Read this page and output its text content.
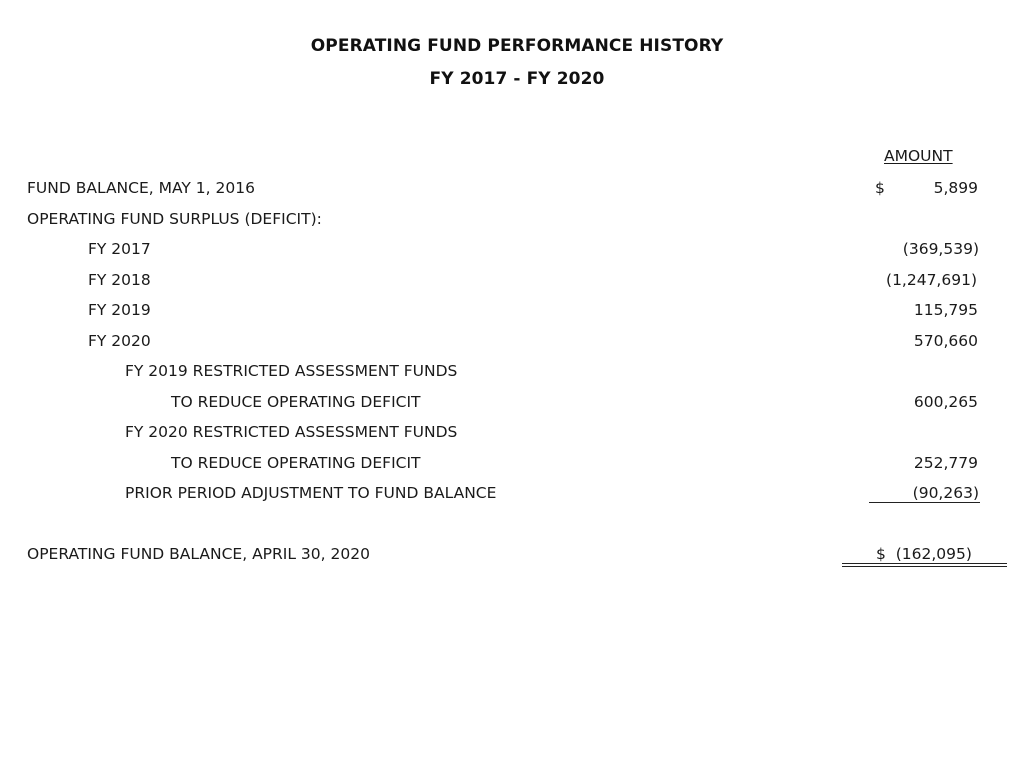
OPERATING FUND PERFORMANCE HISTORY
FY 2017 - FY 2020
AMOUNT
FUND BALANCE, MAY 1, 2016	$	5,899
OPERATING FUND SURPLUS (DEFICIT):
FY 2017	(369,539)
FY 2018	(1,247,691)
FY 2019	115,795
FY 2020	570,660
FY 2019 RESTRICTED ASSESSMENT FUNDS
TO REDUCE OPERATING DEFICIT	600,265
FY 2020 RESTRICTED ASSESSMENT FUNDS
TO REDUCE OPERATING DEFICIT	252,779
PRIOR PERIOD ADJUSTMENT TO FUND BALANCE	(90,263)
OPERATING FUND BALANCE, APRIL 30, 2020	$ (162,095)
